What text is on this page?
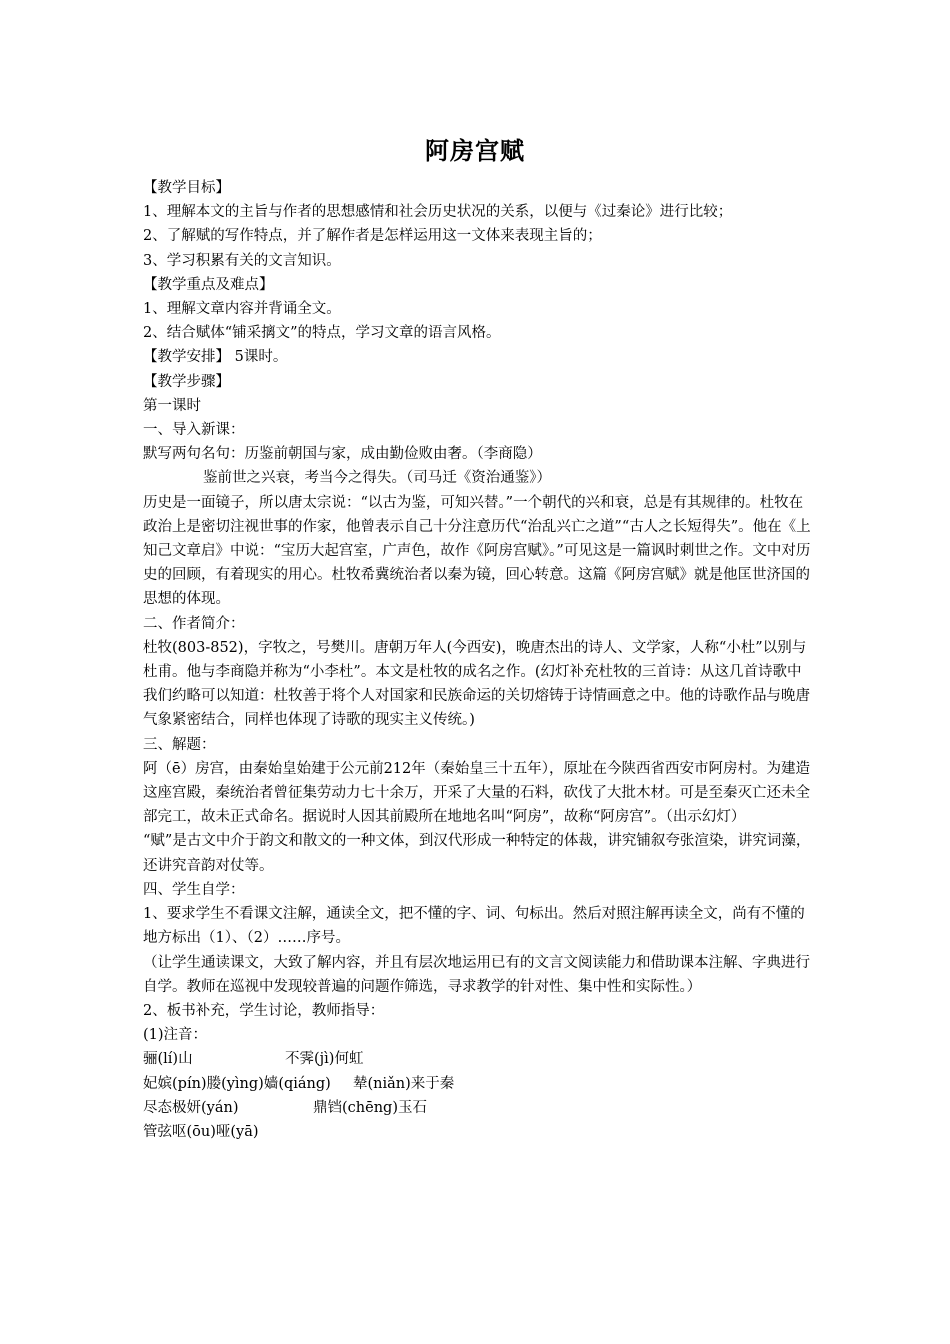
阿房宫赋

【教学目标】

1、理解本文的主旨与作者的思想感情和社会历史状况的关系，以便与《过秦论》进行比较；

2、了解赋的写作特点，并了解作者是怎样运用这一文体来表现主旨的；

3、学习积累有关的文言知识。

【教学重点及难点】

1、理解文章内容并背诵全文。

2、结合赋体“铺采摛文”的特点，学习文章的语言风格。

【教学安排】 5课时。

【教学步骤】

第一课时

一、导入新课：

默写两句名句：历鉴前朝国与家，成由勤俭败由奢。（李商隐）

鉴前世之兴衰，考当今之得失。（司马迁《资治通鉴》）

历史是一面镜子，所以唐太宗说：“以古为鉴，可知兴替。”一个朝代的兴和衰，总是有其规律的。杜牧在政治上是密切注视世事的作家，他曾表示自己十分注意历代“治乱兴亡之道”“古人之长短得失”。他在《上知己文章启》中说：“宝历大起宫室，广声色，故作《阿房宫赋》。”可见这是一篇讽时刺世之作。文中对历史的回顾，有着现实的用心。杜牧希冀统治者以秦为镜，回心转意。这篇《阿房宫赋》就是他匡世济国的思想的体现。

二、作者简介：

杜牧(803-852)，字牧之，号樊川。唐朝万年人(今西安)，晚唐杰出的诗人、文学家，人称“小杜”以别与杜甫。他与李商隐并称为“小李杜”。本文是杜牧的成名之作。(幻灯补充杜牧的三首诗：从这几首诗歌中我们约略可以知道：杜牧善于将个人对国家和民族命运的关切熔铸于诗情画意之中。他的诗歌作品与晚唐气象紧密结合，同样也体现了诗歌的现实主义传统。)

三、解题：

阿（ē）房宫，由秦始皇始建于公元前212年（秦始皇三十五年），原址在今陕西省西安市阿房村。为建造这座宫殿，秦统治者曾征集劳动力七十余万，开采了大量的石料，砍伐了大批木材。可是至秦灭亡还未全部完工，故未正式命名。据说时人因其前殿所在地地名叫“阿房”，故称“阿房宫”。（出示幻灯）

“赋”是古文中介于韵文和散文的一种文体，到汉代形成一种特定的体裁，讲究铺叙夸张渲染，讲究词藻，还讲究音韵对仗等。

四、学生自学：

1、要求学生不看课文注解，通读全文，把不懂的字、词、句标出。然后对照注解再读全文，尚有不懂的地方标出（1）、（2）……序号。

（让学生通读课文，大致了解内容，并且有层次地运用已有的文言文阅读能力和借助课本注解、字典进行自学。教师在巡视中发现较普遍的问题作筛选，寻求教学的针对性、集中性和实际性。）

2、板书补充，学生讨论，教师指导：

(1)注音：

骊(lí)山	不霁(jì)何虹

妃嫔(pín)媵(yìng)嫱(qiáng)	辇(niǎn)来于秦

尽态极妍(yán)	鼎铛(chēng)玉石

管弦呕(ōu)哑(yā)
